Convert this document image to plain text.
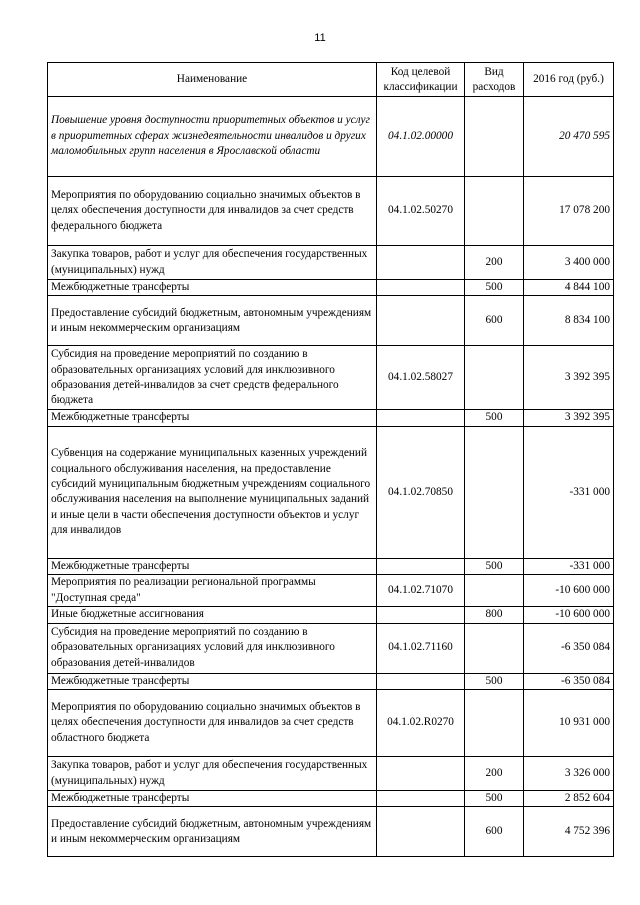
11
Наименование	Код целевой классификации	Вид расходов	2016 год (руб.)
Повышение уровня доступности приоритетных объектов и услуг в приоритетных сферах жизнедеятельности инвалидов и других маломобильных групп населения в Ярославской области	04.1.02.00000		20 470 595
Мероприятия по оборудованию социально значимых объектов в целях обеспечения доступности для инвалидов за счет средств федерального бюджета	04.1.02.50270		17 078 200
Закупка товаров, работ и услуг для обеспечения государственных (муниципальных) нужд		200	3 400 000
Межбюджетные трансферты		500	4 844 100
Предоставление субсидий бюджетным, автономным учреждениям и иным некоммерческим организациям		600	8 834 100
Субсидия на проведение мероприятий по созданию в образовательных организациях условий для инклюзивного образования детей-инвалидов за счет средств федерального бюджета	04.1.02.58027		3 392 395
Межбюджетные трансферты		500	3 392 395
Субвенция на содержание муниципальных казенных учреждений социального обслуживания населения, на предоставление субсидий муниципальным бюджетным учреждениям социального обслуживания населения на выполнение муниципальных заданий и иные цели в части обеспечения доступности объектов и услуг для инвалидов	04.1.02.70850		-331 000
Межбюджетные трансферты		500	-331 000
Мероприятия по реализации региональной программы "Доступная среда"	04.1.02.71070		-10 600 000
Иные бюджетные ассигнования		800	-10 600 000
Субсидия на проведение мероприятий по созданию в образовательных организациях условий для инклюзивного образования детей-инвалидов	04.1.02.71160		-6 350 084
Межбюджетные трансферты		500	-6 350 084
Мероприятия по оборудованию социально значимых объектов в целях обеспечения доступности для инвалидов за счет средств областного бюджета	04.1.02.R0270		10 931 000
Закупка товаров, работ и услуг для обеспечения государственных (муниципальных) нужд		200	3 326 000
Межбюджетные трансферты		500	2 852 604
Предоставление субсидий бюджетным, автономным учреждениям и иным некоммерческим организациям		600	4 752 396
